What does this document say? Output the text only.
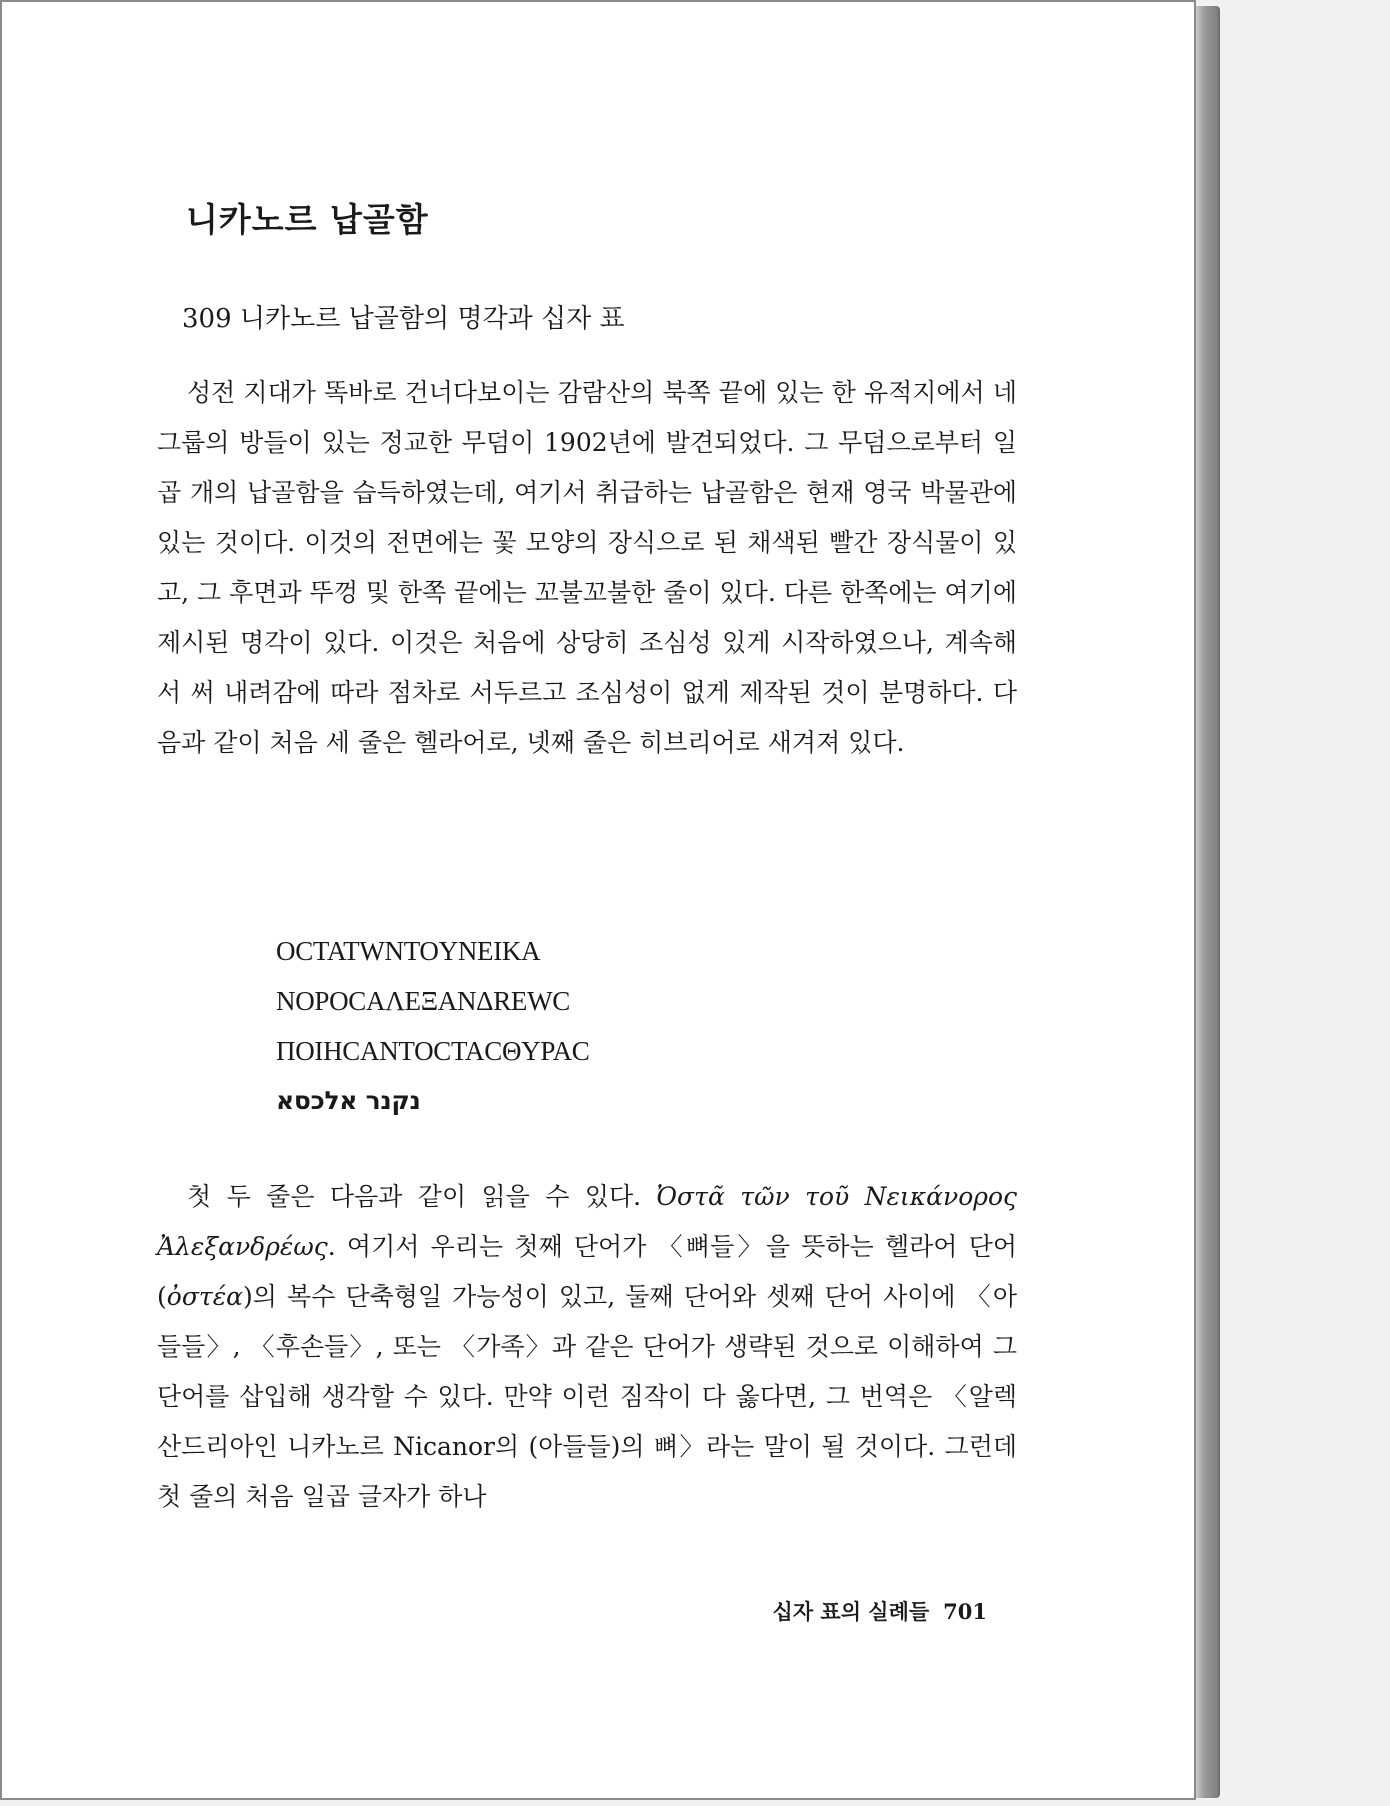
니카노르 납골함
309 니카노르 납골함의 명각과 십자 표

성전 지대가 똑바로 건너다보이는 감람산의 북쪽 끝에 있는 한 유적지에서 네 그룹의 방들이 있는 정교한 무덤이 1902년에 발견되었다. 그 무덤으로부터 일곱 개의 납골함을 습득하였는데, 여기서 취급하는 납골함은 현재 영국 박물관에 있는 것이다. 이것의 전면에는 꽃 모양의 장식으로 된 채색된 빨간 장식물이 있고, 그 후면과 뚜껑 및 한쪽 끝에는 꼬불꼬불한 줄이 있다. 다른 한쪽에는 여기에 제시된 명각이 있다. 이것은 처음에 상당히 조심성 있게 시작하였으나, 계속해서 써 내려감에 따라 점차로 서두르고 조심성이 없게 제작된 것이 분명하다. 다음과 같이 처음 세 줄은 헬라어로, 넷째 줄은 히브리어로 새겨져 있다.

OCTATWNTOYNEIKA
NOPOCAΛEΞANΔREWC
ΠOIHCANTOCTACΘYPAC
נקנר אלכסא

첫 두 줄은 다음과 같이 읽을 수 있다. Ὀστᾶ τῶν τοῦ Νεικάνορος Ἀλεξανδρέως. 여기서 우리는 첫째 단어가 〈뼈들〉을 뜻하는 헬라어 단어(ὀστέα)의 복수 단축형일 가능성이 있고, 둘째 단어와 셋째 단어 사이에 〈아들들〉, 〈후손들〉, 또는 〈가족〉과 같은 단어가 생략된 것으로 이해하여 그 단어를 삽입해 생각할 수 있다. 만약 이런 짐작이 다 옳다면, 그 번역은 〈알렉산드리아인 니카노르 Nicanor의 (아들들)의 뼈〉라는 말이 될 것이다. 그런데 첫 줄의 처음 일곱 글자가 하나

십자 표의 실례들 701
